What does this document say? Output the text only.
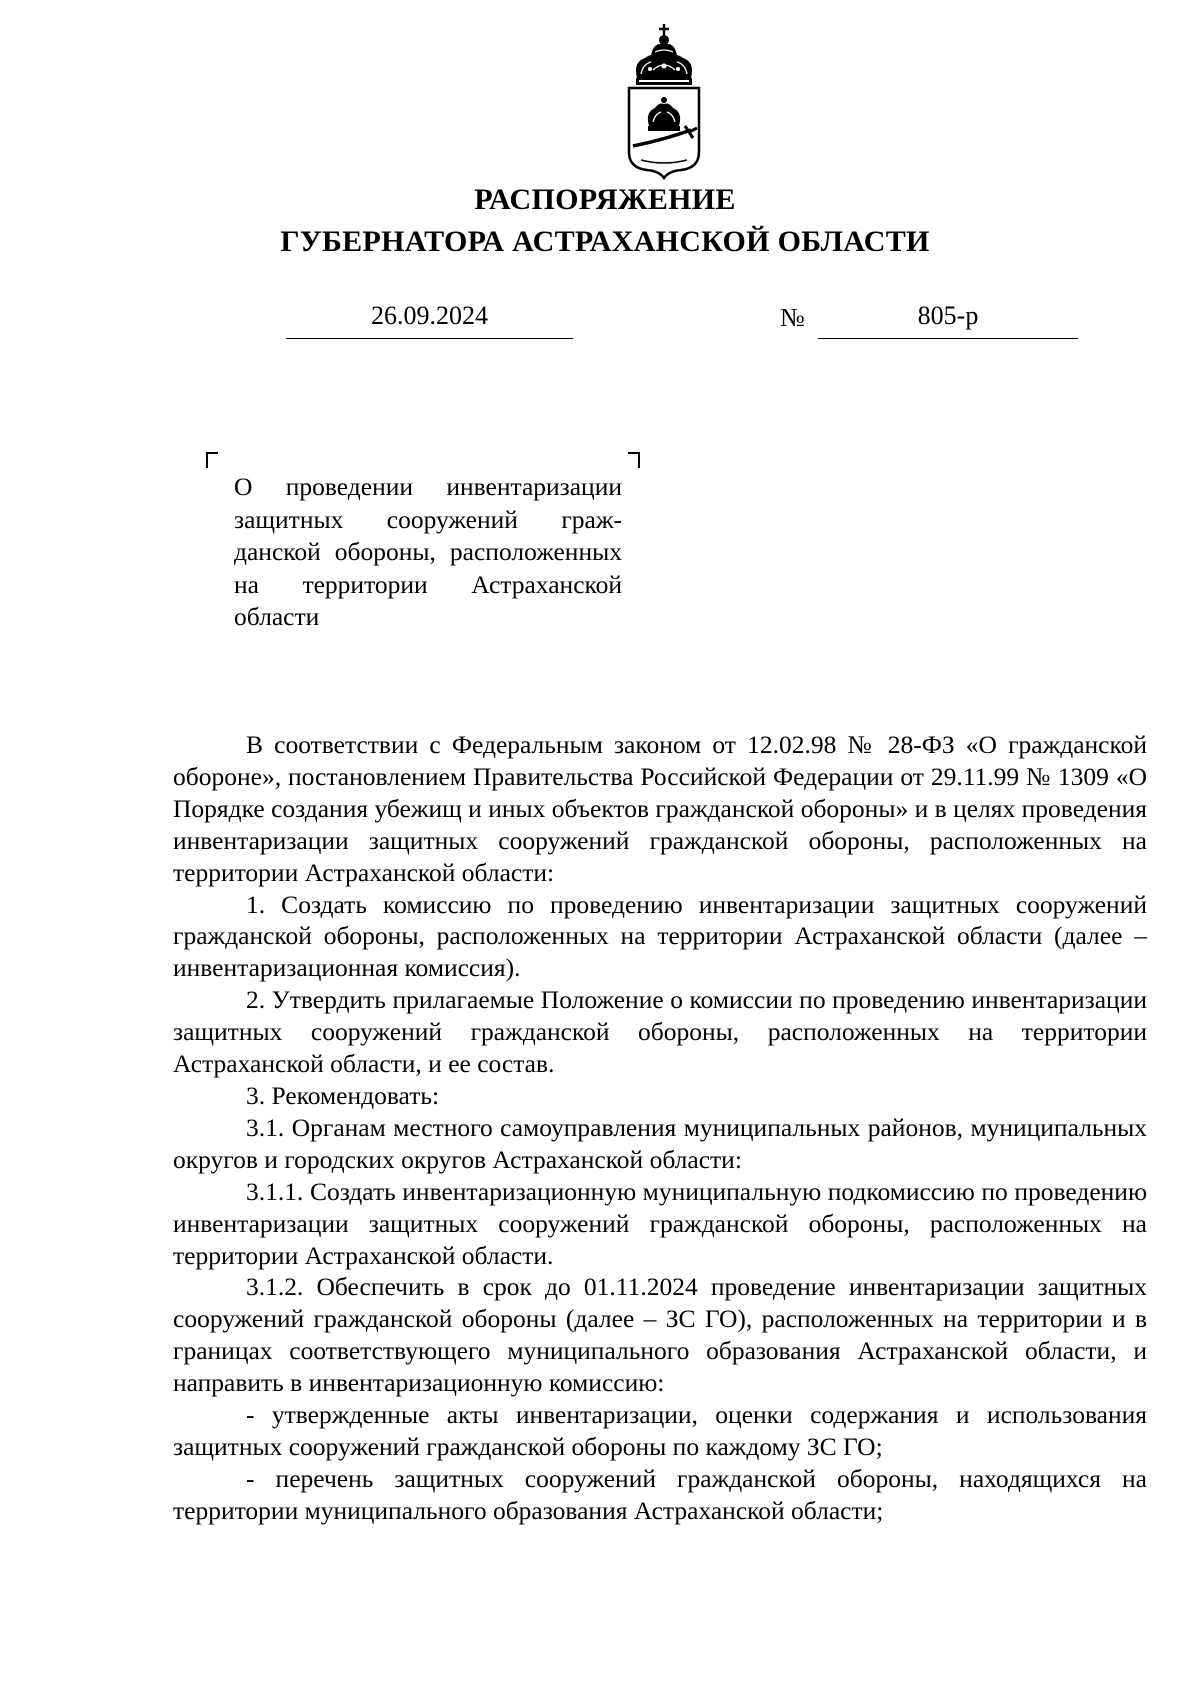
РАСПОРЯЖЕНИЕ
ГУБЕРНАТОРА АСТРАХАНСКОЙ ОБЛАСТИ
26.09.2024	№	805-р
О проведении инвентаризации защитных сооружений гражданской обороны, расположенных на территории Астраханской области

В соответствии с Федеральным законом от 12.02.98 № 28-ФЗ «О гражданской обороне», постановлением Правительства Российской Федерации от 29.11.99 № 1309 «О Порядке создания убежищ и иных объектов гражданской обороны» и в целях проведения инвентаризации защитных сооружений гражданской обороны, расположенных на территории Астраханской области:

1. Создать комиссию по проведению инвентаризации защитных сооружений гражданской обороны, расположенных на территории Астраханской области (далее – инвентаризационная комиссия).

2. Утвердить прилагаемые Положение о комиссии по проведению инвентаризации защитных сооружений гражданской обороны, расположенных на территории Астраханской области, и ее состав.

3. Рекомендовать:

3.1. Органам местного самоуправления муниципальных районов, муниципальных округов и городских округов Астраханской области:

3.1.1. Создать инвентаризационную муниципальную подкомиссию по проведению инвентаризации защитных сооружений гражданской обороны, расположенных на территории Астраханской области.

3.1.2. Обеспечить в срок до 01.11.2024 проведение инвентаризации защитных сооружений гражданской обороны (далее – ЗС ГО), расположенных на территории и в границах соответствующего муниципального образования Астраханской области, и направить в инвентаризационную комиссию:

- утвержденные акты инвентаризации, оценки содержания и использования защитных сооружений гражданской обороны по каждому ЗС ГО;

- перечень защитных сооружений гражданской обороны, находящихся на территории муниципального образования Астраханской области;
